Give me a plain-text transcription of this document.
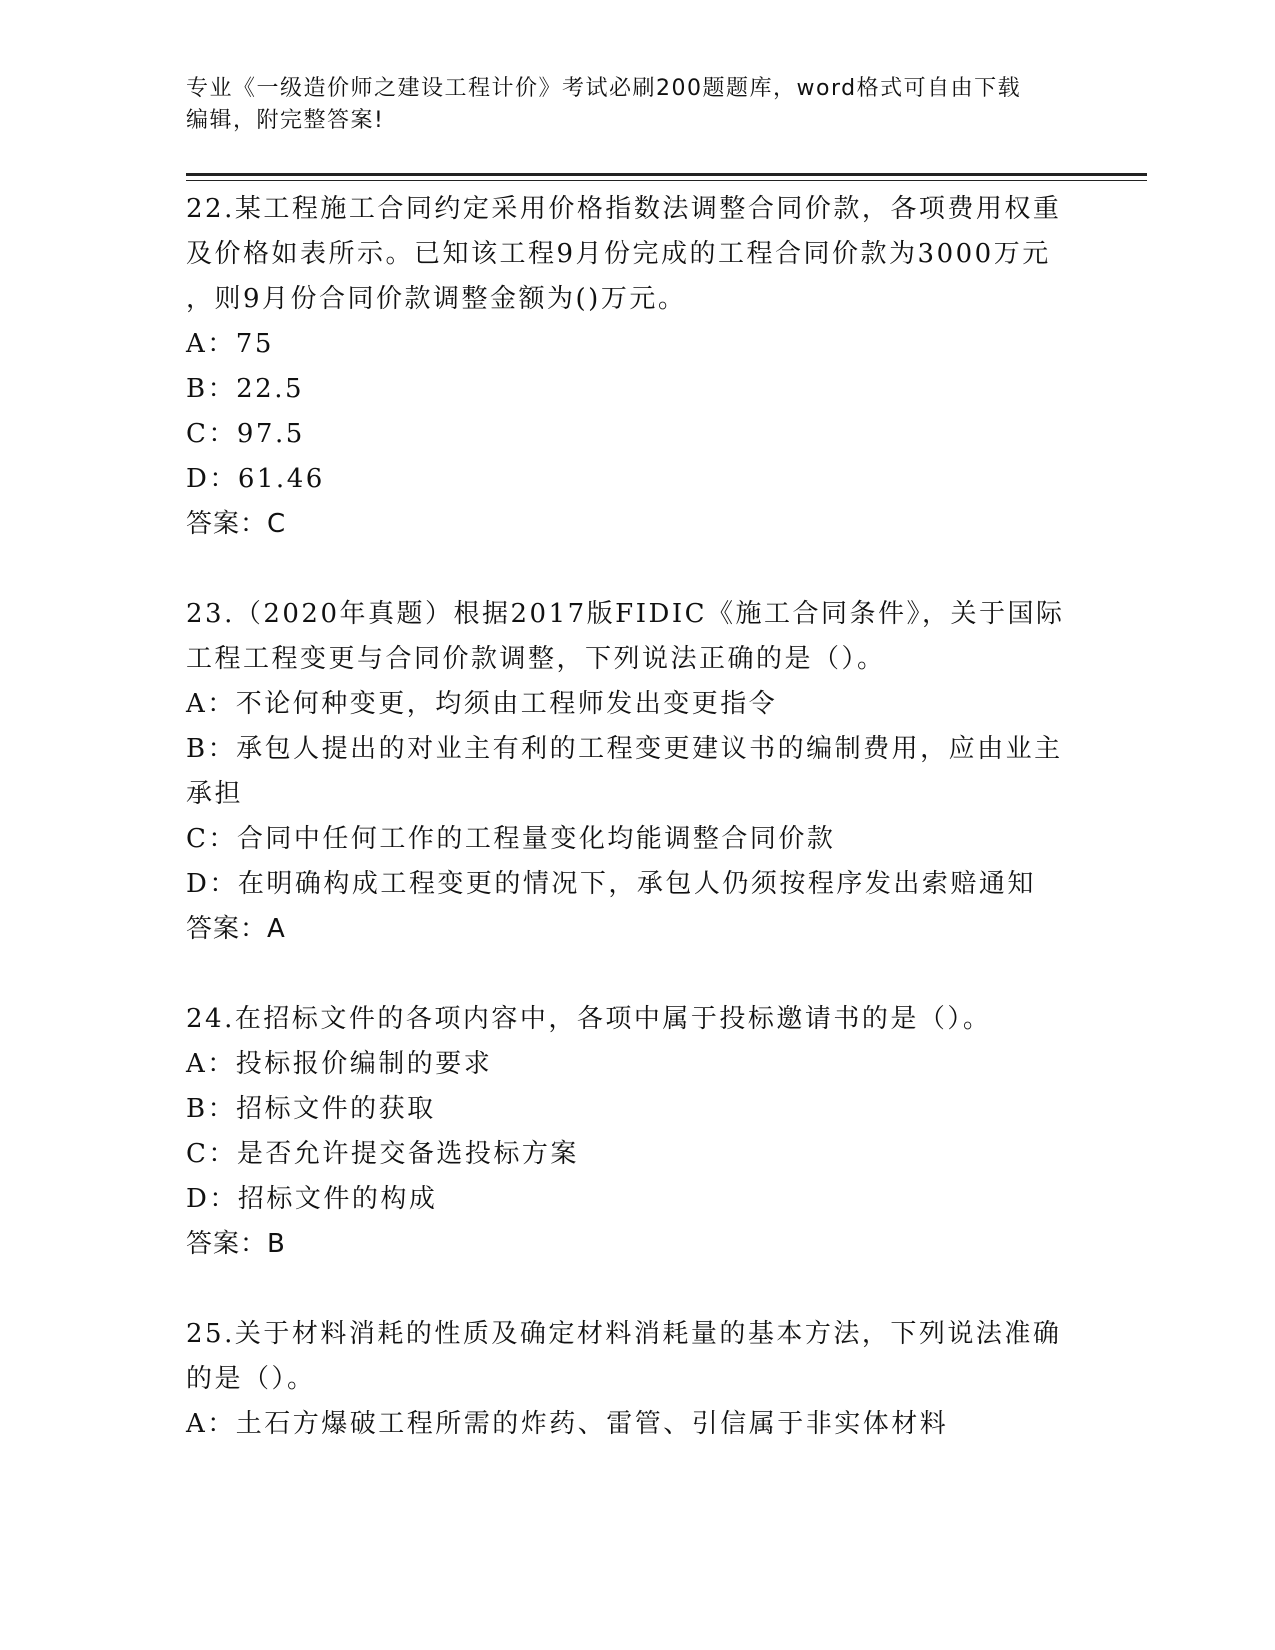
专业《一级造价师之建设工程计价》考试必刷200题题库，word格式可自由下载
编辑，附完整答案!

22.某工程施工合同约定采用价格指数法调整合同价款，各项费用权重

及价格如表所示。已知该工程9月份完成的工程合同价款为3000万元

，则9月份合同价款调整金额为()万元。

A：75

B：22.5

C：97.5

D：61.46

答案：C

23.（2020年真题）根据2017版FIDIC《施工合同条件》，关于国际

工程工程变更与合同价款调整，下列说法正确的是（）。

A：不论何种变更，均须由工程师发出变更指令

B：承包人提出的对业主有利的工程变更建议书的编制费用，应由业主

承担

C：合同中任何工作的工程量变化均能调整合同价款

D：在明确构成工程变更的情况下，承包人仍须按程序发出索赔通知

答案：A

24.在招标文件的各项内容中，各项中属于投标邀请书的是（）。

A：投标报价编制的要求

B：招标文件的获取

C：是否允许提交备选投标方案

D：招标文件的构成

答案：B

25.关于材料消耗的性质及确定材料消耗量的基本方法，下列说法准确

的是（）。

A：土石方爆破工程所需的炸药、雷管、引信属于非实体材料
